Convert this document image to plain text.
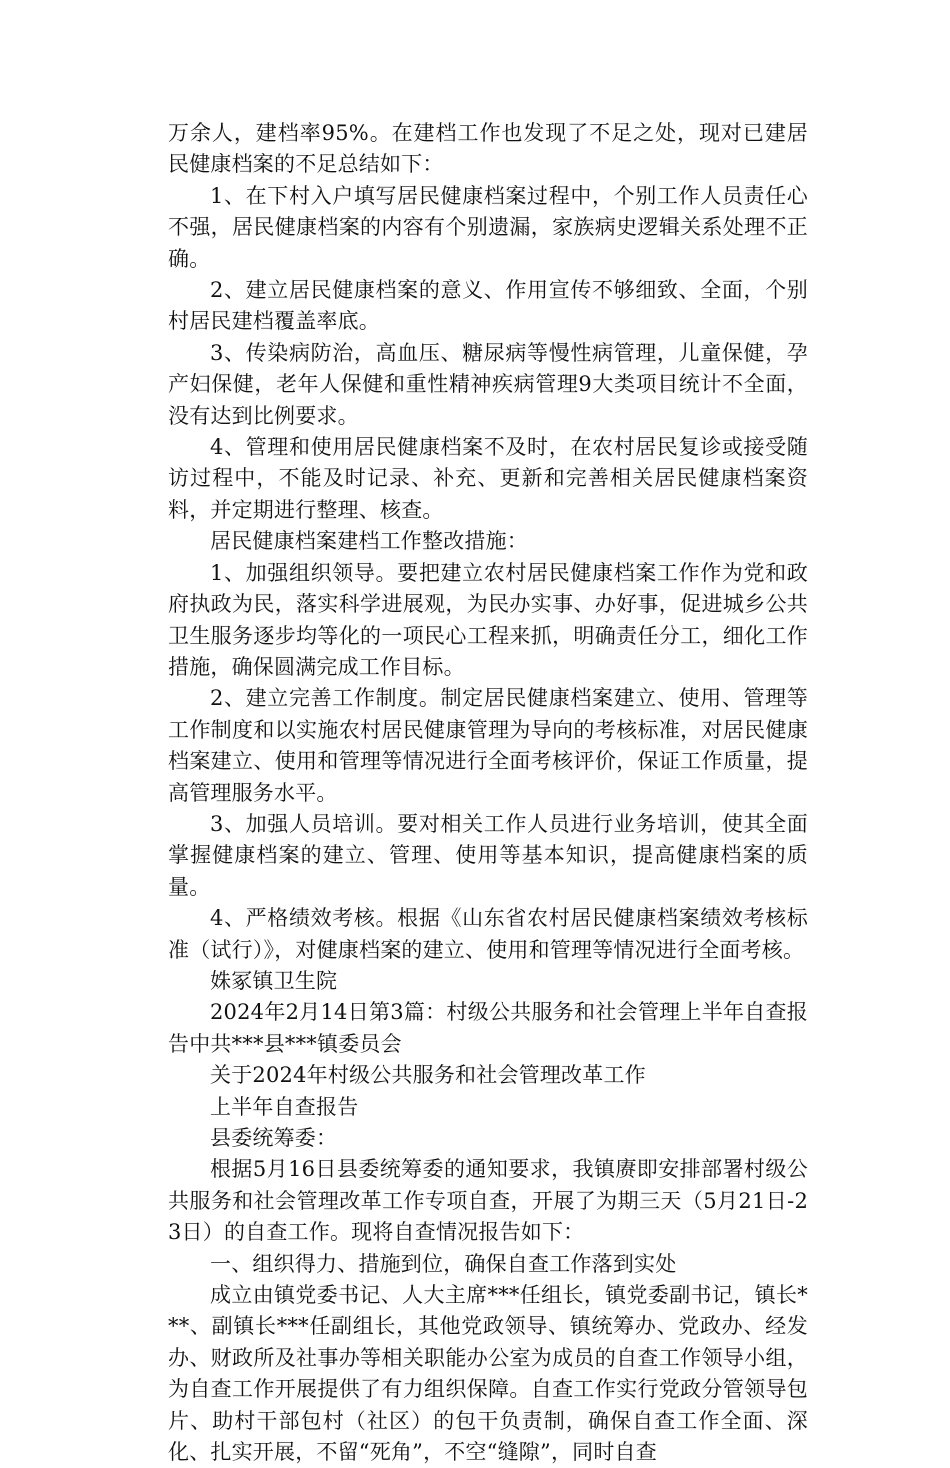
万余人，建档率95%。在建档工作也发现了不足之处，现对已建居民健康档案的不足总结如下：

1、在下村入户填写居民健康档案过程中，个别工作人员责任心不强，居民健康档案的内容有个别遗漏，家族病史逻辑关系处理不正确。

2、建立居民健康档案的意义、作用宣传不够细致、全面，个别村居民建档覆盖率底。

3、传染病防治，高血压、糖尿病等慢性病管理，儿童保健，孕产妇保健，老年人保健和重性精神疾病管理9大类项目统计不全面，没有达到比例要求。

4、管理和使用居民健康档案不及时，在农村居民复诊或接受随访过程中，不能及时记录、补充、更新和完善相关居民健康档案资料，并定期进行整理、核查。

居民健康档案建档工作整改措施：

1、加强组织领导。要把建立农村居民健康档案工作作为党和政府执政为民，落实科学进展观，为民办实事、办好事，促进城乡公共卫生服务逐步均等化的一项民心工程来抓，明确责任分工，细化工作措施，确保圆满完成工作目标。

2、建立完善工作制度。制定居民健康档案建立、使用、管理等工作制度和以实施农村居民健康管理为导向的考核标准，对居民健康档案建立、使用和管理等情况进行全面考核评价，保证工作质量，提高管理服务水平。

3、加强人员培训。要对相关工作人员进行业务培训，使其全面掌握健康档案的建立、管理、使用等基本知识，提高健康档案的质量。

4、严格绩效考核。根据《山东省农村居民健康档案绩效考核标准（试行）》，对健康档案的建立、使用和管理等情况进行全面考核。

姝冢镇卫生院

2024年2月14日第3篇：村级公共服务和社会管理上半年自查报告中共***县***镇委员会

关于2024年村级公共服务和社会管理改革工作

上半年自查报告

县委统筹委：

根据5月16日县委统筹委的通知要求，我镇赓即安排部署村级公共服务和社会管理改革工作专项自查，开展了为期三天（5月21日-23日）的自查工作。现将自查情况报告如下：

一、组织得力、措施到位，确保自查工作落到实处

成立由镇党委书记、人大主席***任组长，镇党委副书记，镇长***、副镇长***任副组长，其他党政领导、镇统筹办、党政办、经发办、财政所及社事办等相关职能办公室为成员的自查工作领导小组，为自查工作开展提供了有力组织保障。自查工作实行党政分管领导包片、助村干部包村（社区）的包干负责制，确保自查工作全面、深化、扎实开展，不留“死角”，不空“缝隙”，同时自查
